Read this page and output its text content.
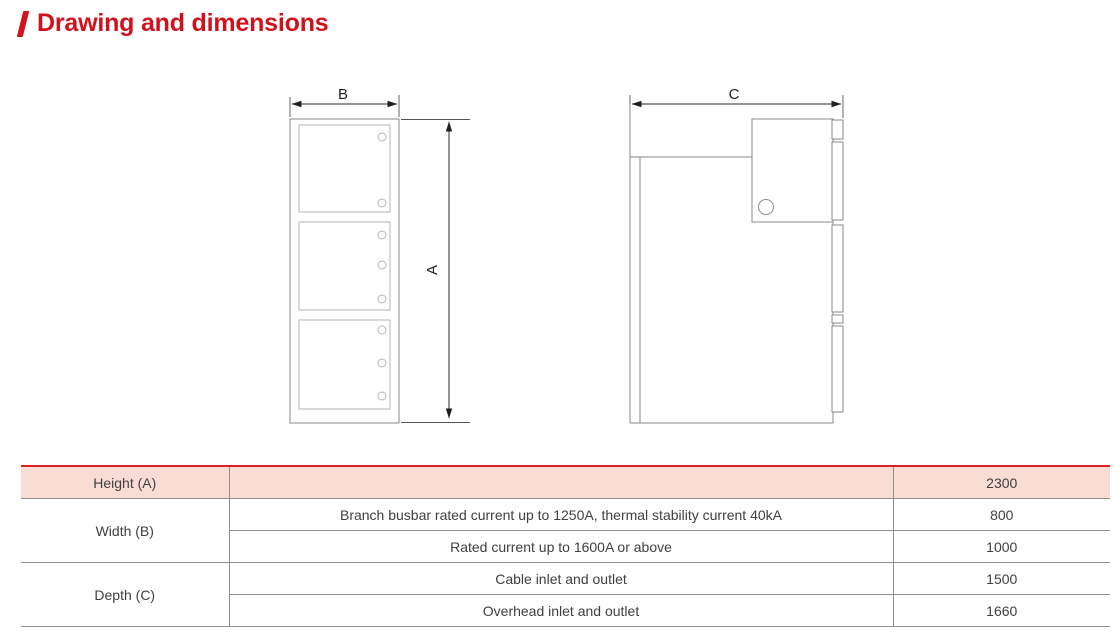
Drawing and dimensions
B
A
C
Height (A)		2300
Width (B)	Branch busbar rated current up to 1250A, thermal stability current 40kA	800
	Rated current up to 1600A or above	1000
Depth (C)	Cable inlet and outlet	1500
	Overhead inlet and outlet	1660
